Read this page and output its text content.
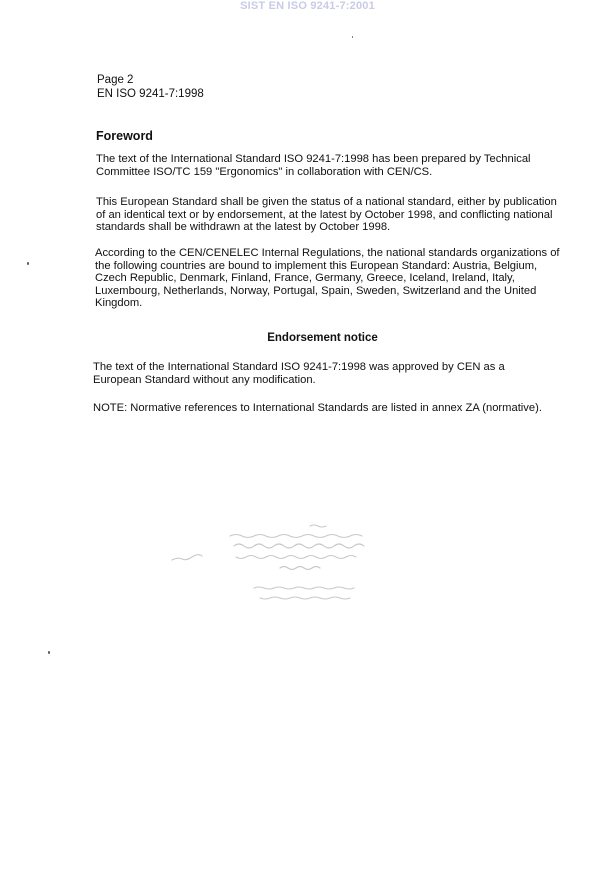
SIST EN ISO 9241-7:2001
Page 2
EN ISO 9241-7:1998
Foreword

The text of the International Standard ISO 9241-7:1998 has been prepared by Technical Committee ISO/TC 159 "Ergonomics" in collaboration with CEN/CS.

This European Standard shall be given the status of a national standard, either by publication of an identical text or by endorsement, at the latest by October 1998, and conflicting national standards shall be withdrawn at the latest by October 1998.

According to the CEN/CENELEC Internal Regulations, the national standards organizations of the following countries are bound to implement this European Standard: Austria, Belgium, Czech Republic, Denmark, Finland, France, Germany, Greece, Iceland, Ireland, Italy, Luxembourg, Netherlands, Norway, Portugal, Spain, Sweden, Switzerland and the United Kingdom.

Endorsement notice

The text of the International Standard ISO 9241-7:1998 was approved by CEN as a European Standard without any modification.

NOTE: Normative references to International Standards are listed in annex ZA (normative).
